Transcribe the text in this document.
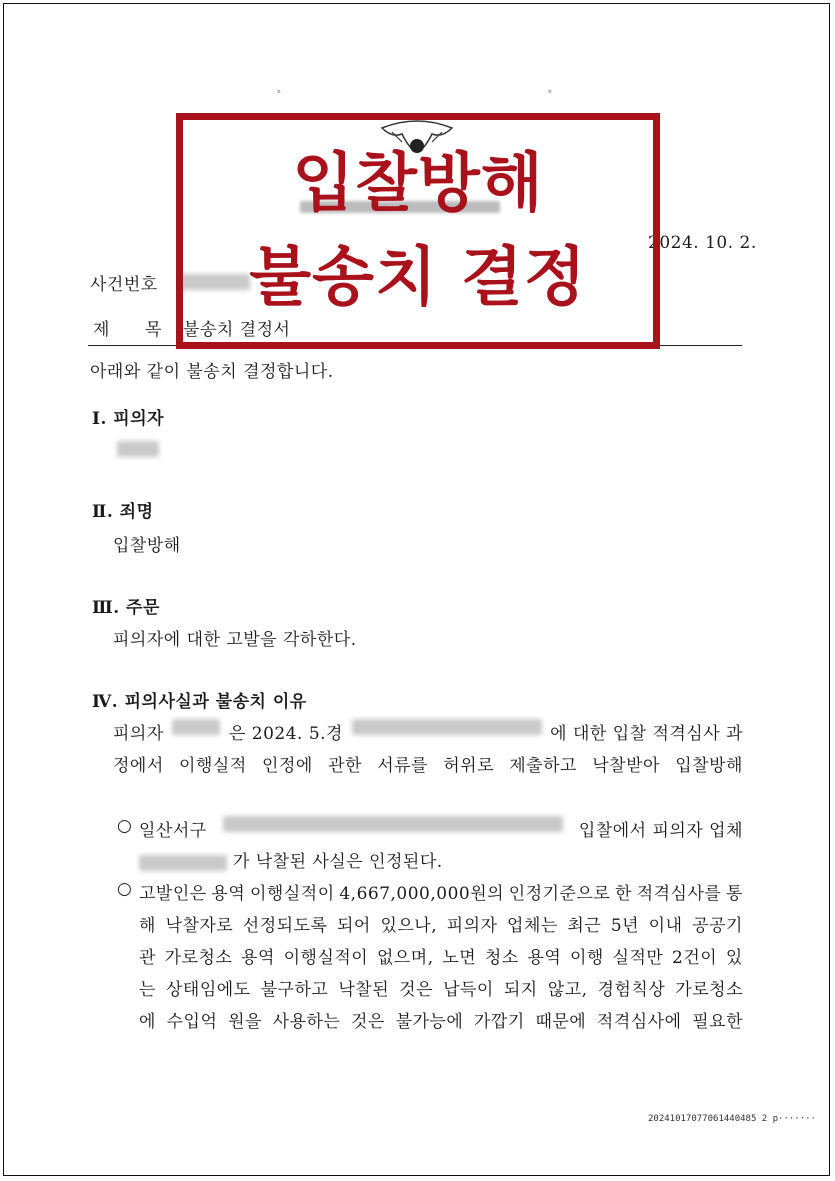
。	。
2024. 10. 2.
사건번호
제 목 불송치 결정서
아래와 같이 불송치 결정합니다.
Ⅰ. 피의자
Ⅱ. 죄명
입찰방해
Ⅲ. 주문
피의자에 대한 고발을 각하한다.
Ⅳ. 피의사실과 불송치 이유
피의자	은 2024. 5.경	에 대한 입찰 적격심사 과
정에서 이행실적 인정에 관한 서류를 허위로 제출하고 낙찰받아 입찰방해
○ 일산서구	입찰에서 피의자 업체
가 낙찰된 사실은 인정된다.
○ 고발인은 용역 이행실적이 4,667,000,000원의 인정기준으로 한 적격심사를 통
해 낙찰자로 선정되도록 되어 있으나, 피의자 업체는 최근 5년 이내 공공기
관 가로청소 용역 이행실적이 없으며, 노면 청소 용역 이행 실적만 2건이 있
는 상태임에도 불구하고 낙찰된 것은 납득이 되지 않고, 경험칙상 가로청소
에 수입억 원을 사용하는 것은 불가능에 가깝기 때문에 적격심사에 필요한
20241017077061440485 2 p·······
입찰방해
불송치 결정
